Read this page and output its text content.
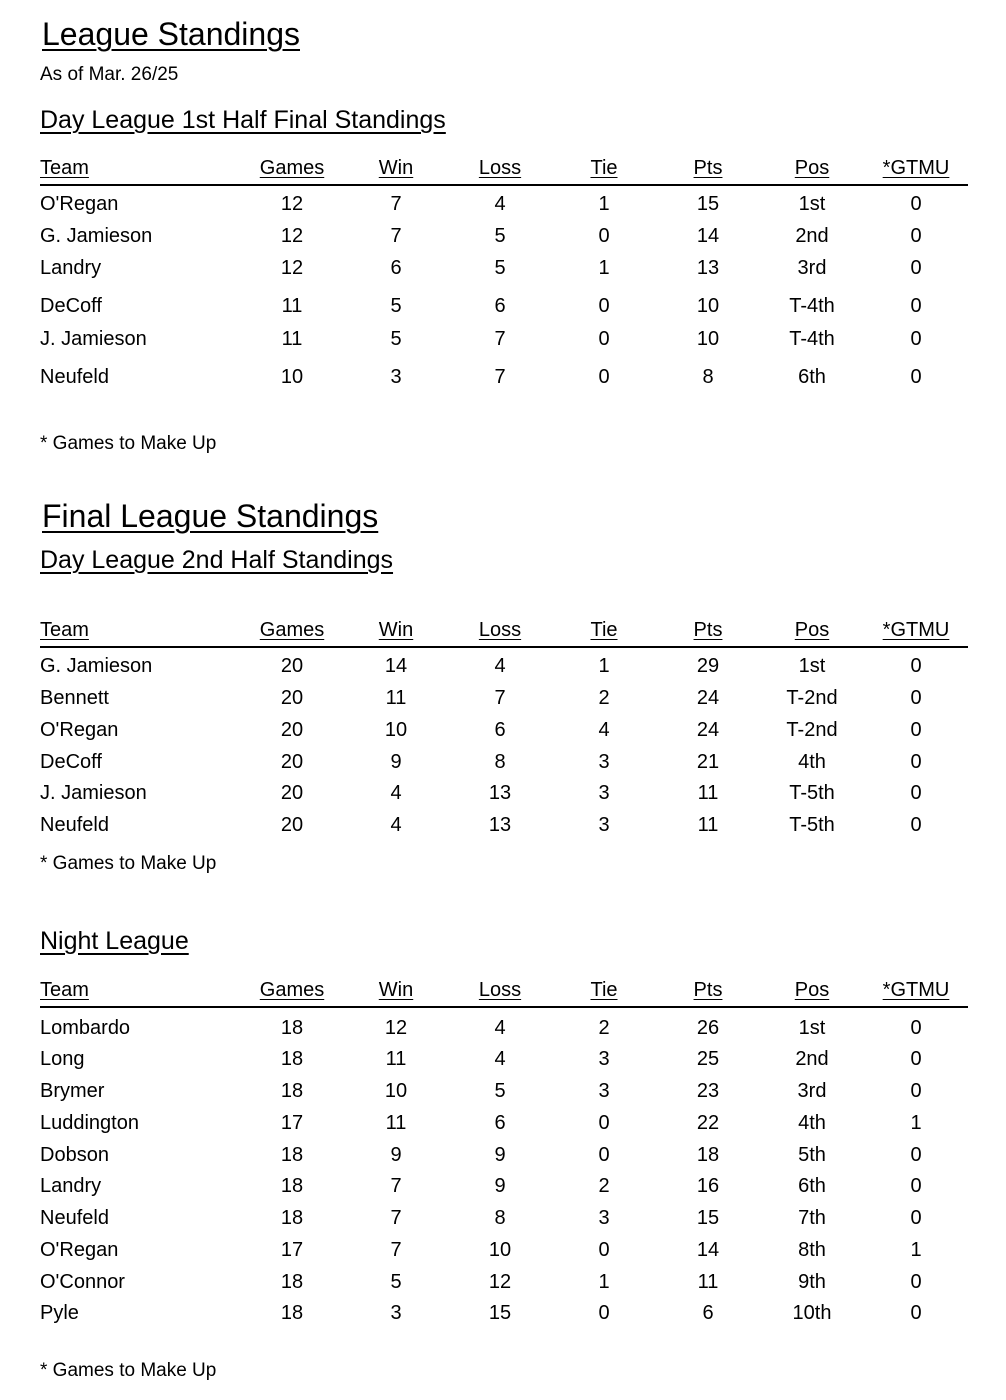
League Standings
As of Mar. 26/25
Day League 1st Half Final Standings
Team	Games	Win	Loss	Tie	Pts	Pos	*GTMU
O'Regan	12	7	4	1	15	1st	0
G. Jamieson	12	7	5	0	14	2nd	0
Landry	12	6	5	1	13	3rd	0
DeCoff	11	5	6	0	10	T-4th	0
J. Jamieson	11	5	7	0	10	T-4th	0
Neufeld	10	3	7	0	8	6th	0
* Games to Make Up
Final League Standings
Day League 2nd Half Standings
Team	Games	Win	Loss	Tie	Pts	Pos	*GTMU
G. Jamieson	20	14	4	1	29	1st	0
Bennett	20	11	7	2	24	T-2nd	0
O'Regan	20	10	6	4	24	T-2nd	0
DeCoff	20	9	8	3	21	4th	0
J. Jamieson	20	4	13	3	11	T-5th	0
Neufeld	20	4	13	3	11	T-5th	0
* Games to Make Up
Night League
Team	Games	Win	Loss	Tie	Pts	Pos	*GTMU
Lombardo	18	12	4	2	26	1st	0
Long	18	11	4	3	25	2nd	0
Brymer	18	10	5	3	23	3rd	0
Luddington	17	11	6	0	22	4th	1
Dobson	18	9	9	0	18	5th	0
Landry	18	7	9	2	16	6th	0
Neufeld	18	7	8	3	15	7th	0
O'Regan	17	7	10	0	14	8th	1
O'Connor	18	5	12	1	11	9th	0
Pyle	18	3	15	0	6	10th	0
* Games to Make Up
